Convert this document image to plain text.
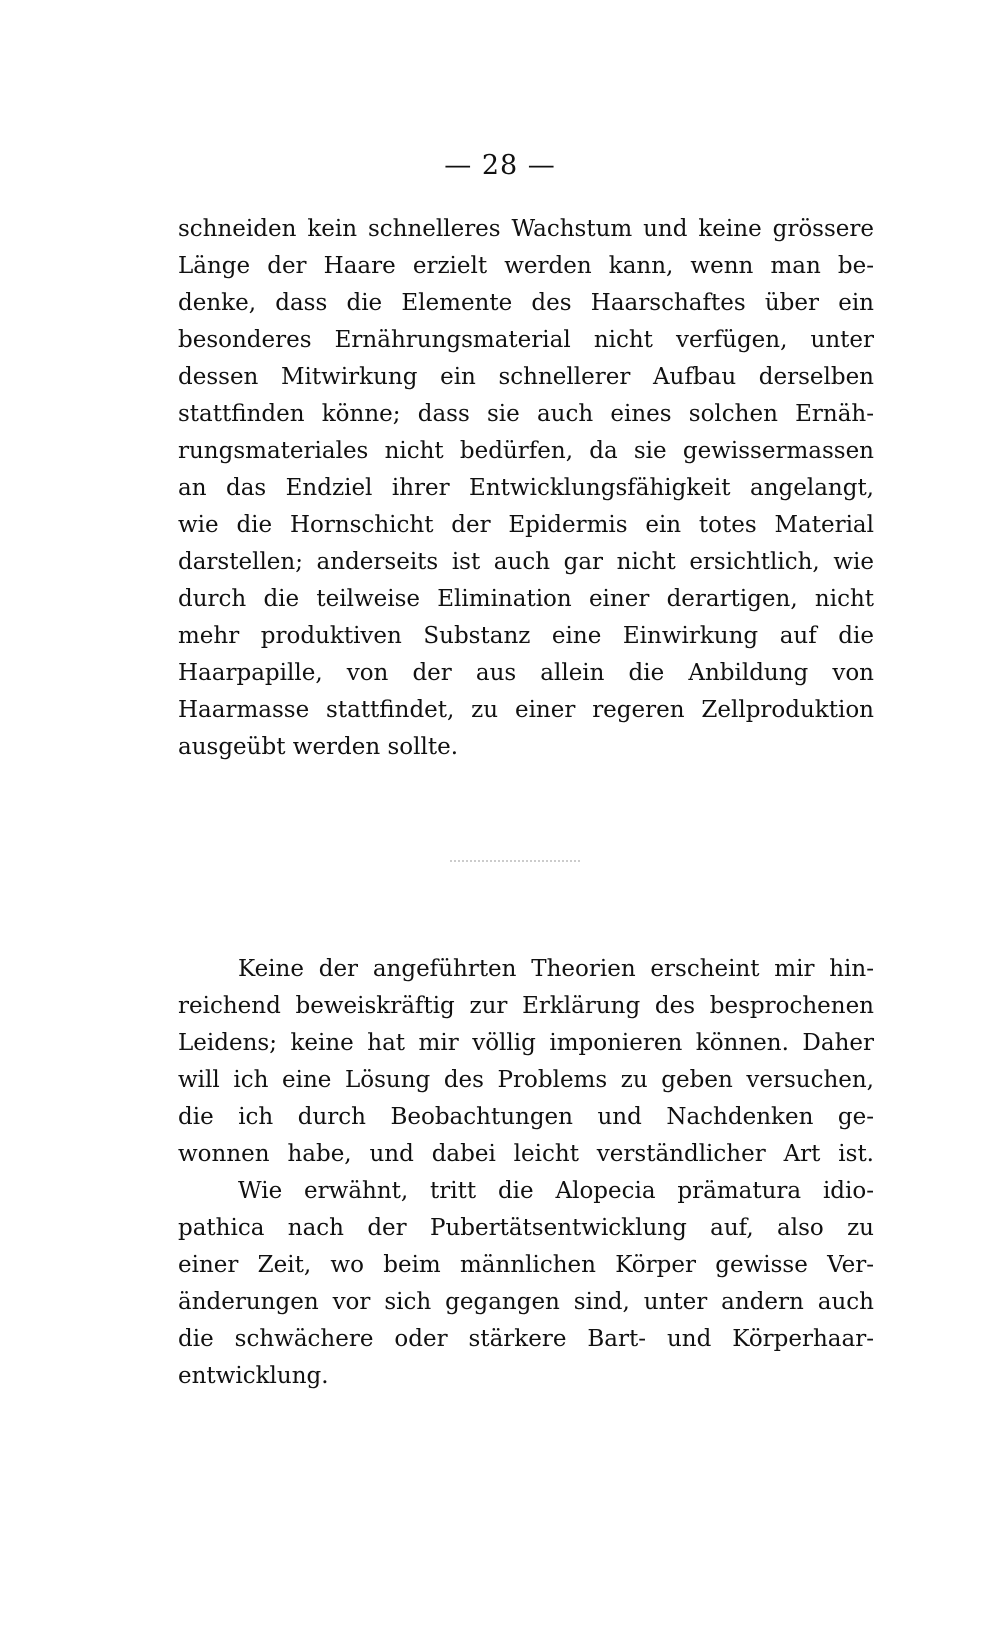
— 28 —
schneiden kein schnelleres Wachstum und keine grössere
Länge der Haare erzielt werden kann, wenn man be-
denke, dass die Elemente des Haarschaftes über ein
besonderes Ernährungsmaterial nicht verfügen, unter
dessen Mitwirkung ein schnellerer Aufbau derselben
stattfinden könne; dass sie auch eines solchen Ernäh-
rungsmateriales nicht bedürfen, da sie gewissermassen
an das Endziel ihrer Entwicklungsfähigkeit angelangt,
wie die Hornschicht der Epidermis ein totes Material
darstellen; anderseits ist auch gar nicht ersichtlich, wie
durch die teilweise Elimination einer derartigen, nicht
mehr produktiven Substanz eine Einwirkung auf die
Haarpapille, von der aus allein die Anbildung von
Haarmasse stattfindet, zu einer regeren Zellproduktion
ausgeübt werden sollte.
Keine der angeführten Theorien erscheint mir hin-
reichend beweiskräftig zur Erklärung des besprochenen
Leidens; keine hat mir völlig imponieren können. Daher
will ich eine Lösung des Problems zu geben versuchen,
die ich durch Beobachtungen und Nachdenken ge-
wonnen habe, und dabei leicht verständlicher Art ist.
Wie erwähnt, tritt die Alopecia prämatura idio-
pathica nach der Pubertätsentwicklung auf, also zu
einer Zeit, wo beim männlichen Körper gewisse Ver-
änderungen vor sich gegangen sind, unter andern auch
die schwächere oder stärkere Bart- und Körperhaar-
entwicklung.
